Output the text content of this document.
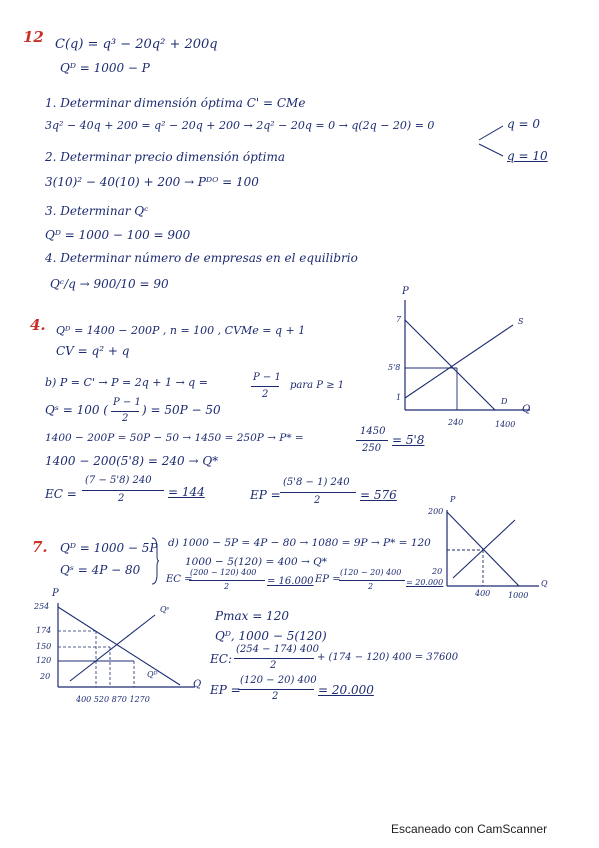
12 C(q) = q³ − 20q² + 200q
Qᴰ = 1000 − P
1. Determinar dimensión óptima C' = CMe
3q² − 40q + 200 = q² − 20q + 200 → 2q² − 20q = 0 → q(2q − 20) = 0	q = 0
q = 10
2. Determinar precio dimensión óptima
3(10)² − 40(10) + 200 → Pᴰᴼ = 100
3. Determinar Qᶜ
Qᴰ = 1000 − 100 = 900
4. Determinar número de empresas en el equilibrio
Qᶜ/q → 900/10 = 90
4. Qᴰ = 1400 − 200P , n = 100 , CVMe = q + 1
CV = q² + q
b) P = C' → P = 2q + 1 → q =	P − 1
2
para P ≥ 1
Qˢ = 100 (
P − 1
2
) = 50P − 50
1400 − 200P = 50P − 50 → 1450 = 250P → P* =
1450
250
= 5'8
1400 − 200(5'8) = 240 → Q*
EC =
(7 − 5'8) 240
2	= 144	EP =
(5'8 − 1) 240
2	= 576
P
Q
S
D
7
5'8
1
240	1400
7. Qᴰ = 1000 − 5P
Qˢ = 4P − 80
d) 1000 − 5P = 4P − 80 → 1080 = 9P → P* = 120
1000 − 5(120) = 400 → Q*
EC =
(200 − 120) 400
2	= 16.000 EP =
(120 − 20) 400
2	= 20.000
P
Q
200
20
400 1000
P
Q
Qˢ
Qᴰ
254
174
150
120
20
400 520 870 1270
Pmax = 120
Qᴰ, 1000 − 5(120)
EC:
(254 − 174) 400
2
+ (174 − 120) 400 = 37600
EP =
(120 − 20) 400
2	= 20.000
Escaneado con CamScanner
